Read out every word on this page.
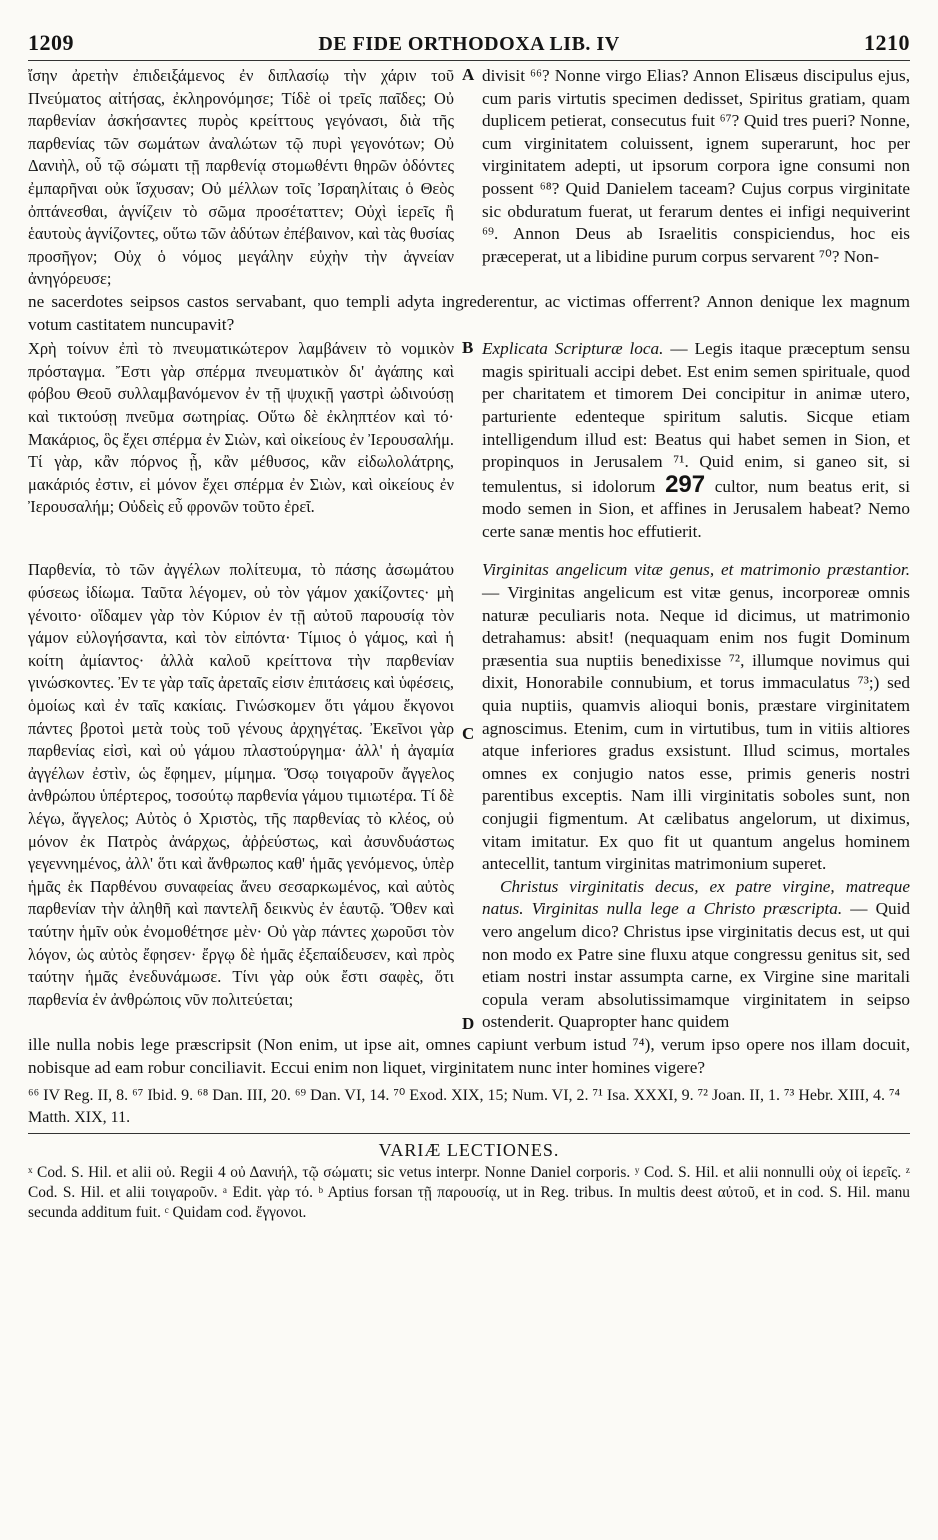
1209	DE FIDE ORTHODOXA LIB. IV	1210

ἴσην ἀρετὴν ἐπιδειξάμενος ἐν διπλασίῳ τὴν χάριν τοῦ Πνεύματος αἰτήσας, ἐκληρονόμησε; Τίδὲ οἱ τρεῖς παῖδες; Οὐ παρθενίαν ἀσκήσαντες πυρὸς κρείττους γεγόνασι, διὰ τῆς παρθενίας τῶν σωμάτων ἀναλώτων τῷ πυρὶ γεγονότων; Οὐ Δανιὴλ, οὗ τῷ σώματι τῇ παρθενίᾳ στομωθέντι θηρῶν ὀδόντες ἐμπαρῆναι οὐκ ἴσχυσαν; Οὐ μέλλων τοῖς Ἰσραηλίταις ὁ Θεὸς ὀπτάνεσθαι, ἁγνίζειν τὸ σῶμα προσέταττεν; Οὐχὶ ἱερεῖς ἢ ἑαυτοὺς ἁγνίζοντες, οὕτω τῶν ἀδύτων ἐπέβαινον, καὶ τὰς θυσίας προσῆγον; Οὐχ ὁ νόμος μεγάλην εὐχὴν τὴν ἁγνείαν ἀνηγόρευσε;

A divisit ⁶⁶? Nonne virgo Elias? Annon Elisæus discipulus ejus, cum paris virtutis specimen dedisset, Spiritus gratiam, quam duplicem petierat, consecutus fuit ⁶⁷? Quid tres pueri? Nonne, cum virginitatem coluissent, ignem superarunt, hoc per virginitatem adepti, ut ipsorum corpora igne consumi non possent ⁶⁸? Quid Danielem taceam? Cujus corpus virginitate sic obduratum fuerat, ut ferarum dentes ei infigi nequiverint ⁶⁹. Annon Deus ab Israelitis conspiciendus, hoc eis præceperat, ut a libidine purum corpus servarent ⁷⁰? Non-

ne sacerdotes seipsos castos servabant, quo templi adyta ingrederentur, ac victimas offerrent? Annon denique lex magnum votum castitatem nuncupavit?

Χρὴ τοίνυν ἐπὶ τὸ πνευματικώτερον λαμβάνειν τὸ νομικὸν πρόσταγμα. Ἔστι γὰρ σπέρμα πνευματικὸν δι' ἀγάπης καὶ φόβου Θεοῦ συλλαμβανόμενον ἐν τῇ ψυχικῇ γαστρὶ ὠδινούσῃ καὶ τικτούσῃ πνεῦμα σωτηρίας. Οὕτω δὲ ἐκληπτέον καὶ τό· Μακάριος, ὃς ἔχει σπέρμα ἐν Σιὼν, καὶ οἰκείους ἐν Ἰερουσαλήμ. Τί γὰρ, κἂν πόρνος ᾖ, κἂν μέθυσος, κἂν εἰδωλολάτρης, μακάριός ἐστιν, εἰ μόνον ἔχει σπέρμα ἐν Σιὼν, καὶ οἰκείους ἐν Ἰερουσαλήμ; Οὐδεὶς εὖ φρονῶν τοῦτο ἐρεῖ.

B Explicata Scripturæ loca. — Legis itaque præceptum sensu magis spirituali accipi debet. Est enim semen spirituale, quod per charitatem et timorem Dei concipitur in animæ utero, parturiente edenteque spiritum salutis. Sicque etiam intelligendum illud est: Beatus qui habet semen in Sion, et propinquos in Jerusalem ⁷¹. Quid enim, si ganeo sit, si temulentus, si idolorum 297 cultor, num beatus erit, si modo semen in Sion, et affines in Jerusalem habeat? Nemo certe sanæ mentis hoc effutierit.

Παρθενία, τὸ τῶν ἀγγέλων πολίτευμα, τὸ πάσης ἀσωμάτου φύσεως ἰδίωμα. Ταῦτα λέγομεν, οὐ τὸν γάμον χακίζοντες· μὴ γένοιτο· οἴδαμεν γὰρ τὸν Κύριον ἐν τῇ αὐτοῦ παρουσίᾳ τὸν γάμον εὐλογήσαντα, καὶ τὸν εἰπόντα· Τίμιος ὁ γάμος, καὶ ἡ κοίτη ἀμίαντος· ἀλλὰ καλοῦ κρείττονα τὴν παρθενίαν γινώσκοντες. Ἐν τε γὰρ ταῖς ἀρεταῖς εἰσιν ἐπιτάσεις καὶ ὑφέσεις, ὁμοίως καὶ ἐν ταῖς κακίαις. Γινώσκομεν ὅτι γάμου ἔκγονοι πάντες βροτοὶ μετὰ τοὺς τοῦ γένους ἀρχηγέτας. Ἐκεῖνοι γὰρ παρθενίας εἰσὶ, καὶ οὐ γάμου πλαστούργημα· ἀλλ' ἡ ἀγαμία ἀγγέλων ἐστὶν, ὡς ἔφημεν, μίμημα. Ὅσῳ τοιγαροῦν ἄγγελος ἀνθρώπου ὑπέρτερος, τοσούτῳ παρθενία γάμου τιμιωτέρα. Τί δὲ λέγω, ἄγγελος; Αὐτὸς ὁ Χριστὸς, τῆς παρθενίας τὸ κλέος, οὐ μόνον ἐκ Πατρὸς ἀνάρχως, ἀῤῥεύστως, καὶ ἀσυνδυάστως γεγεννημένος, ἀλλ' ὅτι καὶ ἄνθρωπος καθ' ἡμᾶς γενόμενος, ὑπὲρ ἡμᾶς ἐκ Παρθένου συναφείας ἄνευ σεσαρκωμένος, καὶ αὐτὸς παρθενίαν τὴν ἀληθῆ καὶ παντελῆ δεικνὺς ἐν ἑαυτῷ. Ὅθεν καὶ ταύτην ἡμῖν οὐκ ἐνομοθέτησε μὲν· Οὐ γὰρ πάντες χωροῦσι τὸν λόγον, ὡς αὐτὸς ἔφησεν· ἔργῳ δὲ ἡμᾶς ἐξεπαίδευσεν, καὶ πρὸς ταύτην ἡμᾶς ἐνεδυνάμωσε. Τίνι γὰρ οὐκ ἔστι σαφὲς, ὅτι παρθενία ἐν ἀνθρώποις νῦν πολιτεύεται;

C
D

Virginitas angelicum vitæ genus, et matrimonio præstantior. — Virginitas angelicum est vitæ genus, incorporeæ omnis naturæ peculiaris nota. Neque id dicimus, ut matrimonio detrahamus: absit! (nequaquam enim nos fugit Dominum præsentia sua nuptiis benedixisse ⁷², illumque novimus qui dixit, Honorabile connubium, et torus immaculatus ⁷³;) sed quia nuptiis, quamvis alioqui bonis, præstare virginitatem agnoscimus. Etenim, cum in virtutibus, tum in vitiis altiores atque inferiores gradus exsistunt. Illud scimus, mortales omnes ex conjugio natos esse, primis generis nostri parentibus exceptis. Nam illi virginitatis soboles sunt, non conjugii figmentum. At cælibatus angelorum, ut diximus, vitam imitatur. Ex quo fit ut quantum angelus hominem antecellit, tantum virginitas matrimonium superet.

Christus virginitatis decus, ex patre virgine, matreque natus. Virginitas nulla lege a Christo præscripta. — Quid vero angelum dico? Christus ipse virginitatis decus est, ut qui non modo ex Patre sine fluxu atque congressu genitus sit, sed etiam nostri instar assumpta carne, ex Virgine sine maritali copula veram absolutissimamque virginitatem in seipso ostenderit. Quapropter hanc quidem

ille nulla nobis lege præscripsit (Non enim, ut ipse ait, omnes capiunt verbum istud ⁷⁴), verum ipso opere nos illam docuit, nobisque ad eam robur conciliavit. Eccui enim non liquet, virginitatem nunc inter homines vigere?

⁶⁶ IV Reg. II, 8. ⁶⁷ Ibid. 9. ⁶⁸ Dan. III, 20. ⁶⁹ Dan. VI, 14. ⁷⁰ Exod. XIX, 15; Num. VI, 2. ⁷¹ Isa. XXXI, 9. ⁷² Joan. II, 1. ⁷³ Hebr. XIII, 4. ⁷⁴ Matth. XIX, 11.

VARIÆ LECTIONES.

ˣ Cod. S. Hil. et alii οὐ. Regii 4 οὐ Δανιήλ, τῷ σώματι; sic vetus interpr. Nonne Daniel corporis. ʸ Cod. S. Hil. et alii nonnulli οὐχ οἱ ἱερεῖς. ᶻ Cod. S. Hil. et alii τοιγαροῦν. ᵃ Edit. γὰρ τό. ᵇ Aptius forsan τῇ παρουσίᾳ, ut in Reg. tribus. In multis deest αὐτοῦ, et in cod. S. Hil. manu secunda additum fuit. ᶜ Quidam cod. ἔγγονοι.
